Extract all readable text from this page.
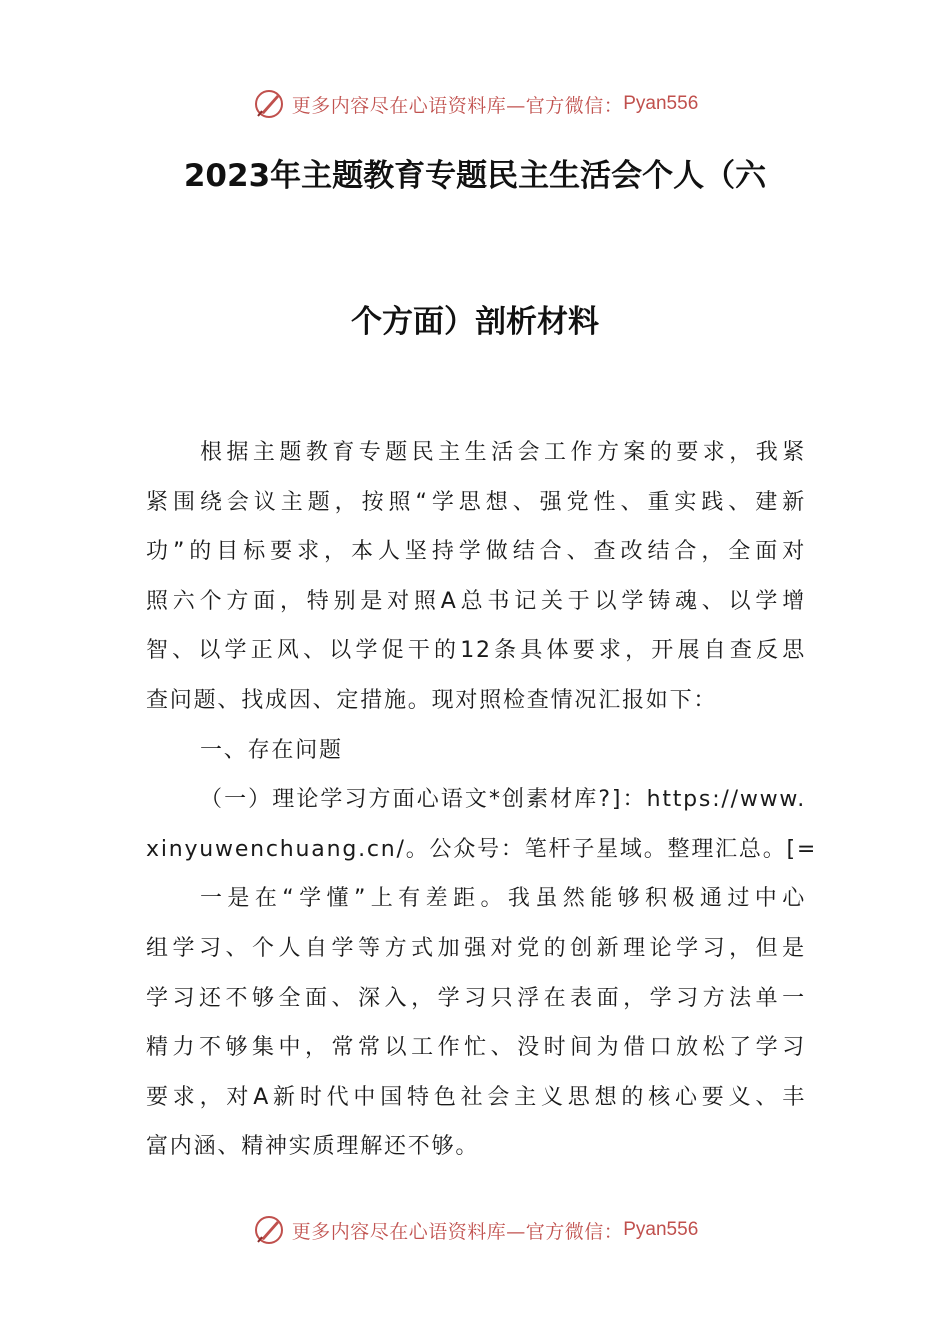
更多内容尽在心语资料库—官方微信： Pyan556
2023年主题教育专题民主生活会个人（六
个方面）剖析材料
根据主题教育专题民主生活会工作方案的要求，我紧
紧围绕会议主题，按照“学思想、强党性、重实践、建新
功”的目标要求，本人坚持学做结合、查改结合，全面对
照六个方面，特别是对照A总书记关于以学铸魂、以学增
智、以学正风、以学促干的12条具体要求，开展自查反思
查问题、找成因、定措施。现对照检查情况汇报如下：
一、存在问题
（一）理论学习方面心语文*创素材库?]：https://www.
xinyuwenchuang.cn/。公众号：笔杆子星域。整理汇总。[=
一是在“学懂”上有差距。我虽然能够积极通过中心
组学习、个人自学等方式加强对党的创新理论学习，但是
学习还不够全面、深入，学习只浮在表面，学习方法单一
精力不够集中，常常以工作忙、没时间为借口放松了学习
要求，对A新时代中国特色社会主义思想的核心要义、丰
富内涵、精神实质理解还不够。
更多内容尽在心语资料库—官方微信： Pyan556
